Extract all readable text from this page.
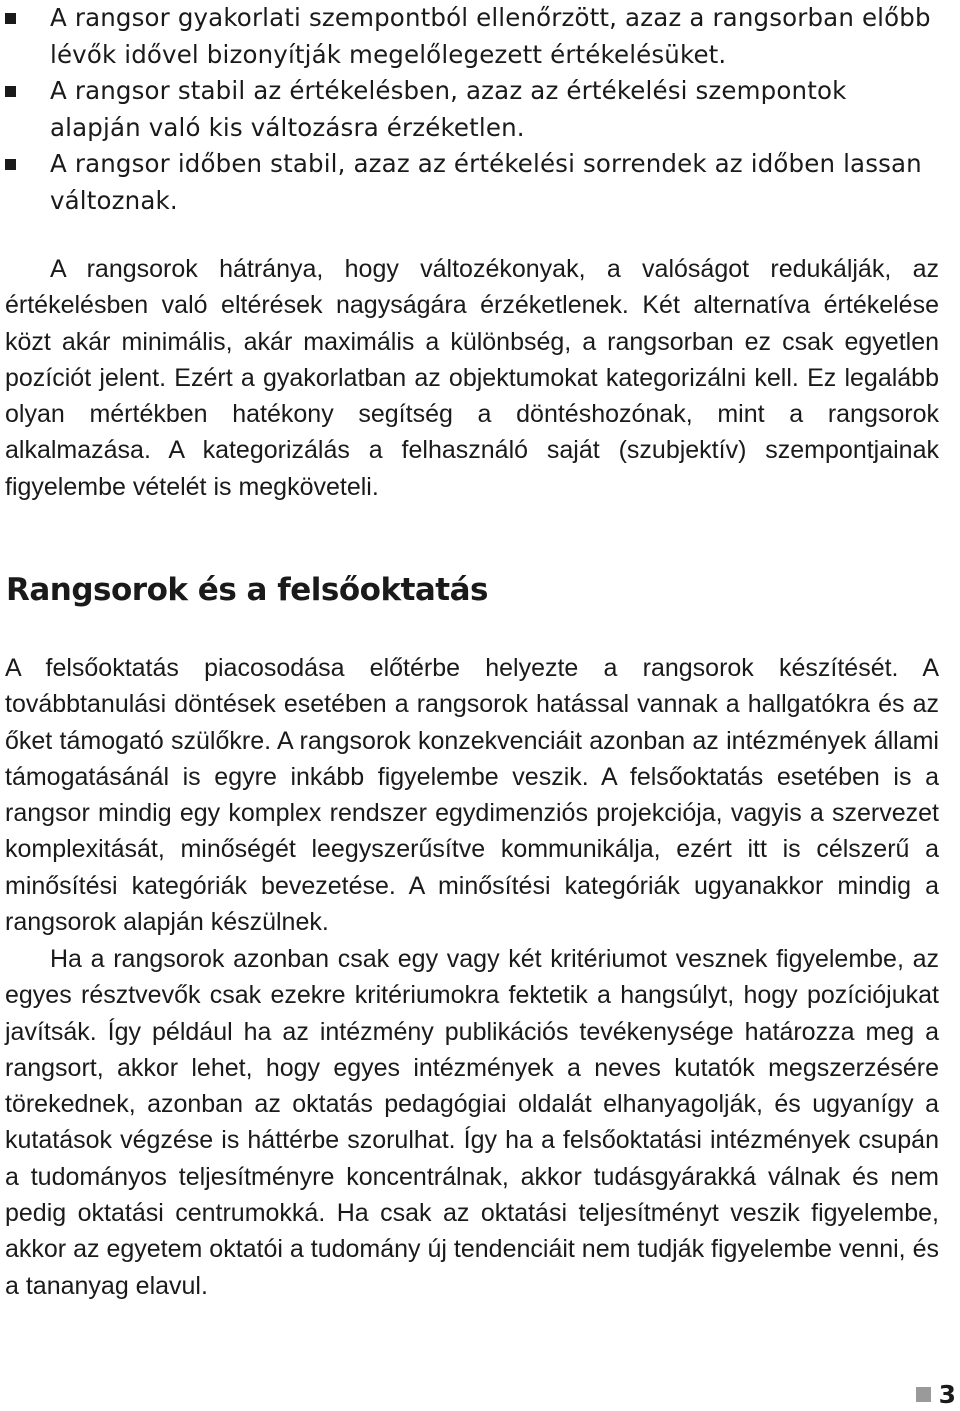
A rangsor gyakorlati szempontból ellenőrzött, azaz a rangsorban előbb lévők idővel bizonyítják megelőlegezett értékelésüket.
A rangsor stabil az értékelésben, azaz az értékelési szempontok alapján való kis változásra érzéketlen.
A rangsor időben stabil, azaz az értékelési sorrendek az időben lassan változnak.

A rangsorok hátránya, hogy változékonyak, a valóságot redukálják, az értékelésben való eltérések nagyságára érzéketlenek. Két alternatíva értékelése közt akár minimális, akár maximális a különbség, a rangsorban ez csak egyetlen pozíciót jelent. Ezért a gyakorlatban az objektumokat kategorizálni kell. Ez legalább olyan mértékben hatékony segítség a döntéshozónak, mint a rangsorok alkalmazása. A kategorizálás a felhasználó saját (szubjektív) szempontjainak figyelembe vételét is megköveteli.

Rangsorok és a felsőoktatás

A felsőoktatás piacosodása előtérbe helyezte a rangsorok készítését. A továbbtanulási döntések esetében a rangsorok hatással vannak a hallgatókra és az őket támogató szülőkre. A rangsorok konzekvenciáit azonban az intézmények állami támogatásánál is egyre inkább figyelembe veszik. A felsőoktatás esetében is a rangsor mindig egy komplex rendszer egydimenziós projekciója, vagyis a szervezet komplexitását, minőségét leegyszerűsítve kommunikálja, ezért itt is célszerű a minősítési kategóriák bevezetése. A minősítési kategóriák ugyanakkor mindig a rangsorok alapján készülnek.

Ha a rangsorok azonban csak egy vagy két kritériumot vesznek figyelembe, az egyes résztvevők csak ezekre kritériumokra fektetik a hangsúlyt, hogy pozíciójukat javítsák. Így például ha az intézmény publikációs tevékenysége határozza meg a rangsort, akkor lehet, hogy egyes intézmények a neves kutatók megszerzésére törekednek, azonban az oktatás pedagógiai oldalát elhanyagolják, és ugyanígy a kutatások végzése is háttérbe szorulhat. Így ha a felsőoktatási intézmények csupán a tudományos teljesítményre koncentrálnak, akkor tudásgyárakká válnak és nem pedig oktatási centrumokká. Ha csak az oktatási teljesítményt veszik figyelembe, akkor az egyetem oktatói a tudomány új tendenciáit nem tudják figyelembe venni, és a tananyag elavul.

3
